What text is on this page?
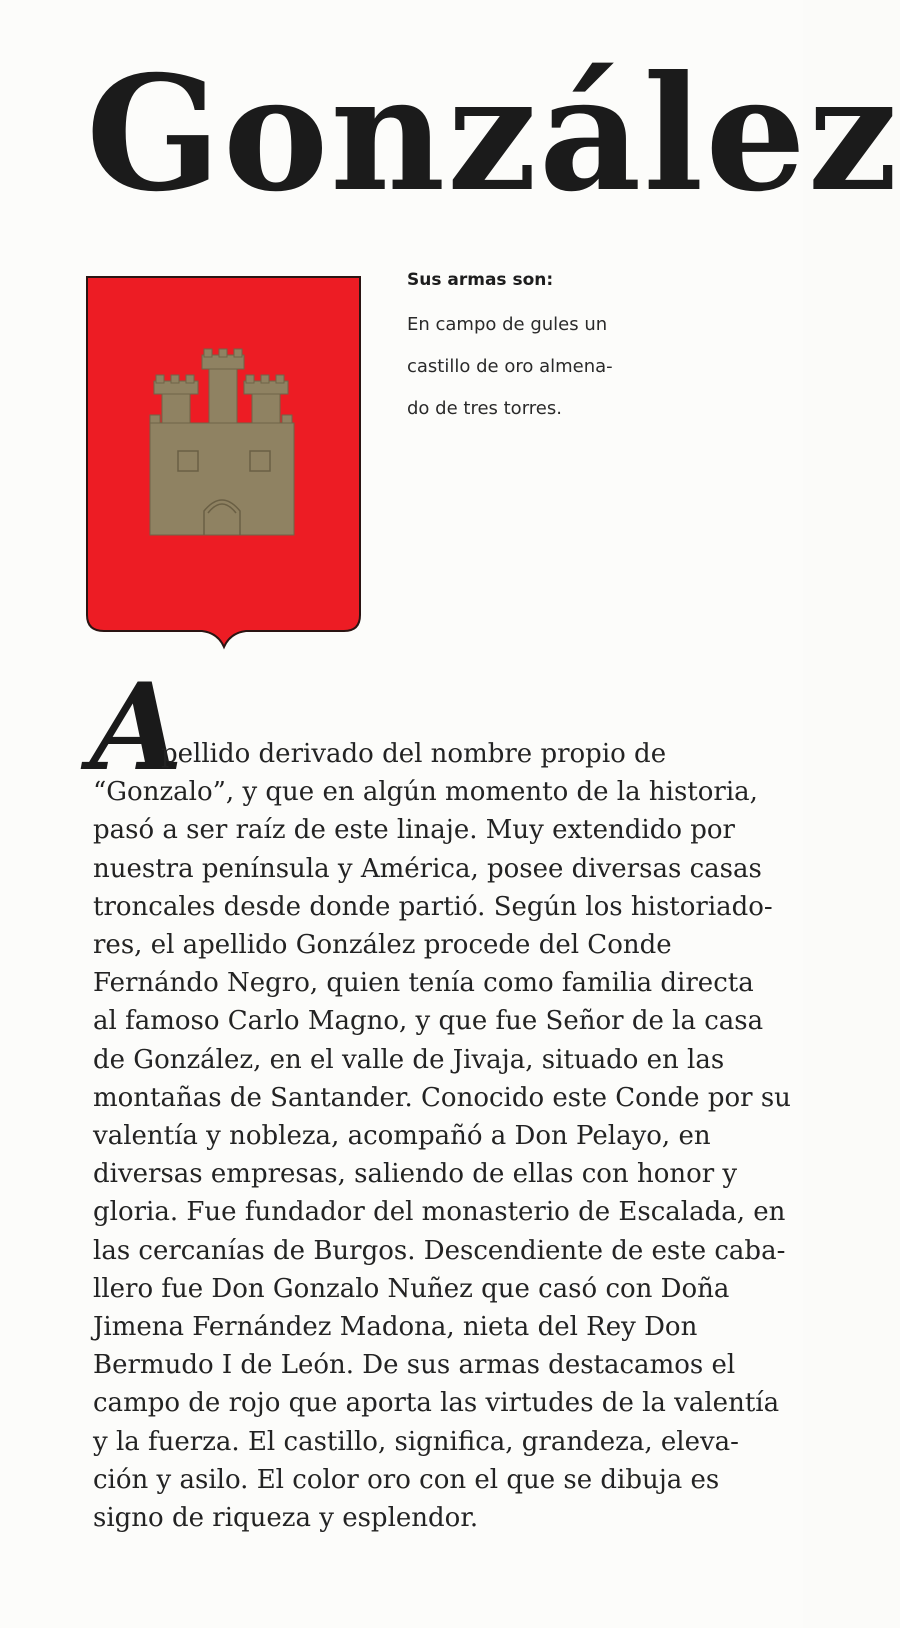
González

Sus armas son:

En campo de gules un
castillo de oro almena-
do de tres torres.
A
pellido derivado del nombre propio de
“Gonzalo”, y que en algún momento de la historia,
pasó a ser raíz de este linaje. Muy extendido por
nuestra península y América, posee diversas casas
troncales desde donde partió. Según los historiado-
res, el apellido González procede del Conde
Fernándo Negro, quien tenía como familia directa
al famoso Carlo Magno, y que fue Señor de la casa
de González, en el valle de Jivaja, situado en las
montañas de Santander. Conocido este Conde por su
valentía y nobleza, acompañó a Don Pelayo, en
diversas empresas, saliendo de ellas con honor y
gloria. Fue fundador del monasterio de Escalada, en
las cercanías de Burgos. Descendiente de este caba-
llero fue Don Gonzalo Nuñez que casó con Doña
Jimena Fernández Madona, nieta del Rey Don
Bermudo I de León. De sus armas destacamos el
campo de rojo que aporta las virtudes de la valentía
y la fuerza. El castillo, significa, grandeza, eleva-
ción y asilo. El color oro con el que se dibuja es
signo de riqueza y esplendor.
